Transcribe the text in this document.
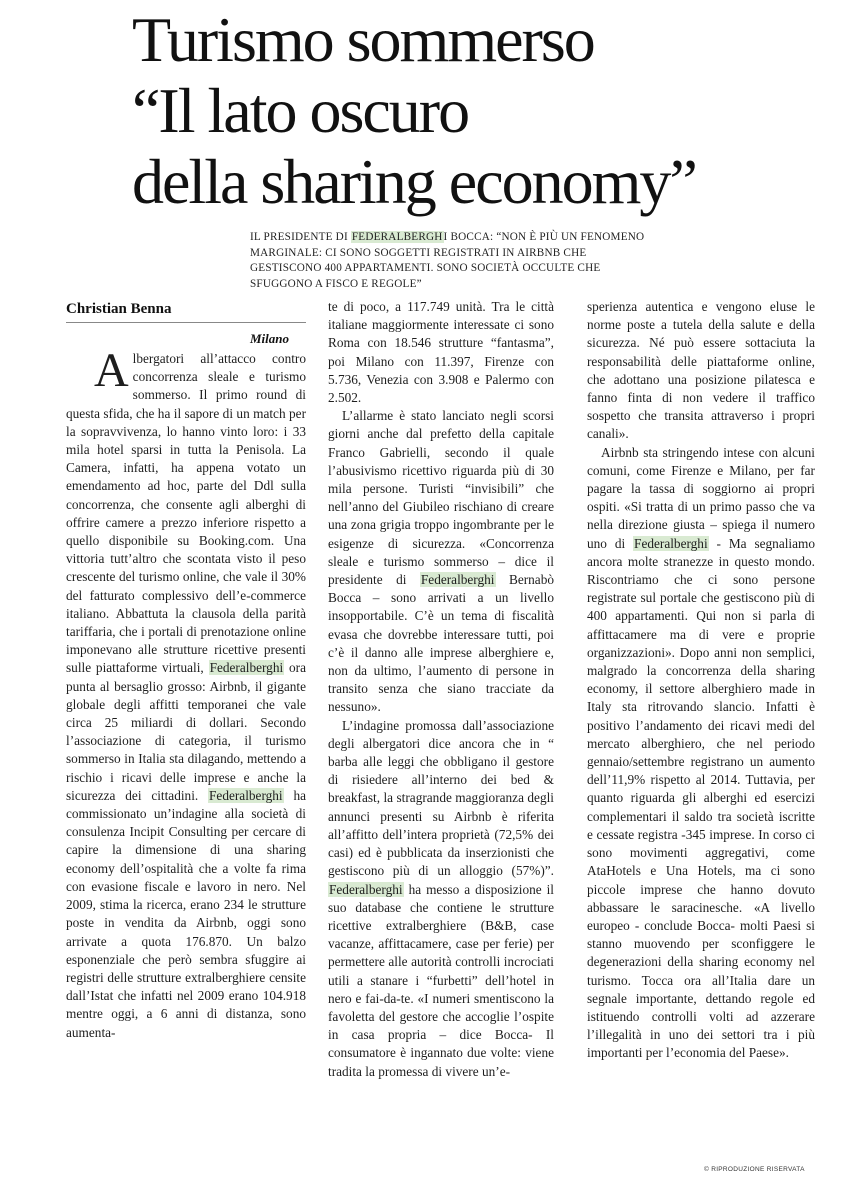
Turismo sommerso
“Il lato oscuro
della sharing economy”
IL PRESIDENTE DI FEDERALBERGHI BOCCA: “NON È PIÙ UN FENOMENO MARGINALE: CI SONO SOGGETTI REGISTRATI IN AIRBNB CHE GESTISCONO 400 APPARTAMENTI. SONO SOCIETÀ OCCULTE CHE SFUGGONO A FISCO E REGOLE”
Christian Benna
Milano

Albergatori all’attacco contro concorrenza sleale e turismo sommerso. Il primo round di questa sfida, che ha il sapore di un match per la sopravvivenza, lo hanno vinto loro: i 33 mila hotel sparsi in tutta la Penisola. La Camera, infatti, ha appena votato un emendamento ad hoc, parte del Ddl sulla concorrenza, che consente agli alberghi di offrire camere a prezzo inferiore rispetto a quello disponibile su Booking.com. Una vittoria tutt’altro che scontata visto il peso crescente del turismo online, che vale il 30% del fatturato complessivo dell’e-commerce italiano. Abbattuta la clausola della parità tariffaria, che i portali di prenotazione online imponevano alle strutture ricettive presenti sulle piattaforme virtuali, Federalberghi ora punta al bersaglio grosso: Airbnb, il gigante globale degli affitti temporanei che vale circa 25 miliardi di dollari. Secondo l’associazione di categoria, il turismo sommerso in Italia sta dilagando, mettendo a rischio i ricavi delle imprese e anche la sicurezza dei cittadini. Federalberghi ha commissionato un’indagine alla società di consulenza Incipit Consulting per cercare di capire la dimensione di una sharing economy dell’ospitalità che a volte fa rima con evasione fiscale e lavoro in nero. Nel 2009, stima la ricerca, erano 234 le strutture poste in vendita da Airbnb, oggi sono arrivate a quota 176.870. Un balzo esponenziale che però sembra sfuggire ai registri delle strutture extralberghiere censite dall’Istat che infatti nel 2009 erano 104.918 mentre oggi, a 6 anni di distanza, sono aumenta-

te di poco, a 117.749 unità. Tra le città italiane maggiormente interessate ci sono Roma con 18.546 strutture “fantasma”, poi Milano con 11.397, Firenze con 5.736, Venezia con 3.908 e Palermo con 2.502.

L’allarme è stato lanciato negli scorsi giorni anche dal prefetto della capitale Franco Gabrielli, secondo il quale l’abusivismo ricettivo riguarda più di 30 mila persone. Turisti “invisibili” che nell’anno del Giubileo rischiano di creare una zona grigia troppo ingombrante per le esigenze di sicurezza. «Concorrenza sleale e turismo sommerso – dice il presidente di Federalberghi Bernabò Bocca – sono arrivati a un livello insopportabile. C’è un tema di fiscalità evasa che dovrebbe interessare tutti, poi c’è il danno alle imprese alberghiere e, non da ultimo, l’aumento di persone in transito senza che siano tracciate da nessuno».

L’indagine promossa dall’associazione degli albergatori dice ancora che in “ barba alle leggi che obbligano il gestore di risiedere all’interno dei bed & breakfast, la stragrande maggioranza degli annunci presenti su Airbnb è riferita all’affitto dell’intera proprietà (72,5% dei casi) ed è pubblicata da inserzionisti che gestiscono più di un alloggio (57%)”. Federalberghi ha messo a disposizione il suo database che contiene le strutture ricettive extralberghiere (B&B, case vacanze, affittacamere, case per ferie) per permettere alle autorità controlli incrociati utili a stanare i “furbetti” dell’hotel in nero e fai-da-te. «I numeri smentiscono la favoletta del gestore che accoglie l’ospite in casa propria – dice Bocca- Il consumatore è ingannato due volte: viene tradita la promessa di vivere un’e-

sperienza autentica e vengono eluse le norme poste a tutela della salute e della sicurezza. Né può essere sottaciuta la responsabilità delle piattaforme online, che adottano una posizione pilatesca e fanno finta di non vedere il traffico sospetto che transita attraverso i propri canali».

Airbnb sta stringendo intese con alcuni comuni, come Firenze e Milano, per far pagare la tassa di soggiorno ai propri ospiti. «Si tratta di un primo passo che va nella direzione giusta – spiega il numero uno di Federalberghi - Ma segnaliamo ancora molte stranezze in questo mondo. Riscontriamo che ci sono persone registrate sul portale che gestiscono più di 400 appartamenti. Qui non si parla di affittacamere ma di vere e proprie organizzazioni». Dopo anni non semplici, malgrado la concorrenza della sharing economy, il settore alberghiero made in Italy sta ritrovando slancio. Infatti è positivo l’andamento dei ricavi medi del mercato alberghiero, che nel periodo gennaio/settembre registrano un aumento dell’11,9% rispetto al 2014. Tuttavia, per quanto riguarda gli alberghi ed esercizi complementari il saldo tra società iscritte e cessate registra -345 imprese. In corso ci sono movimenti aggregativi, come AtaHotels e Una Hotels, ma ci sono piccole imprese che hanno dovuto abbassare le saracinesche. «A livello europeo - conclude Bocca- molti Paesi si stanno muovendo per sconfiggere le degenerazioni della sharing economy nel turismo. Tocca ora all’Italia dare un segnale importante, dettando regole ed istituendo controlli volti ad azzerare l’illegalità in uno dei settori tra i più importanti per l’economia del Paese».

© RIPRODUZIONE RISERVATA
